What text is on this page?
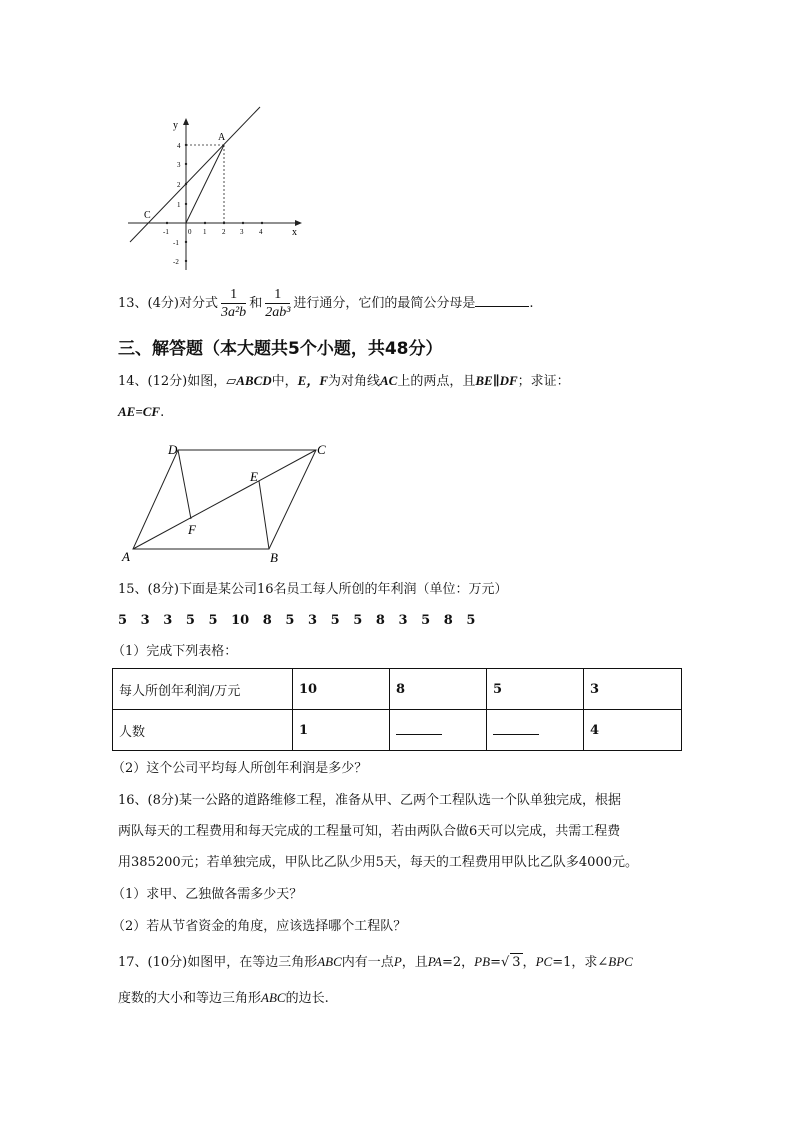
y
x
A
C
-1	0 1 2 3 4
4
3
2
1
-1
-2
13、(4分)对分式 $\frac{1}{\text{3a²b}}$ 和 $\frac{1}{\text{2ab³}}$ 进行通分，它们的最简公分母是	.
三、解答题（本大题共5个小题，共48分）
14、(12分)如图，▱ABCD中，E，F为对角线AC上的两点，且BE∥DF；求证：
AE=CF.
A	B
C
D
E
F
15、(8分)下面是某公司16名员工每人所创的年利润（单位：万元）
5   3   3   5   5   10   8   5   3   5   5   8   3   5   8   5
（1）完成下列表格：
每人所创年利润/万元	10	8	5	3
人数	1			4
（2）这个公司平均每人所创年利润是多少？
16、(8分)某一公路的道路维修工程，准备从甲、乙两个工程队选一个队单独完成，根据
两队每天的工程费用和每天完成的工程量可知，若由两队合做6天可以完成，共需工程费
用385200元；若单独完成，甲队比乙队少用5天，每天的工程费用甲队比乙队多4000元。
（1）求甲、乙独做各需多少天？
（2）若从节省资金的角度，应该选择哪个工程队？
17、(10分)如图甲，在等边三角形ABC内有一点P，且PA=2，PB=√ 3 ，PC=1，求∠BPC
度数的大小和等边三角形ABC的边长.
